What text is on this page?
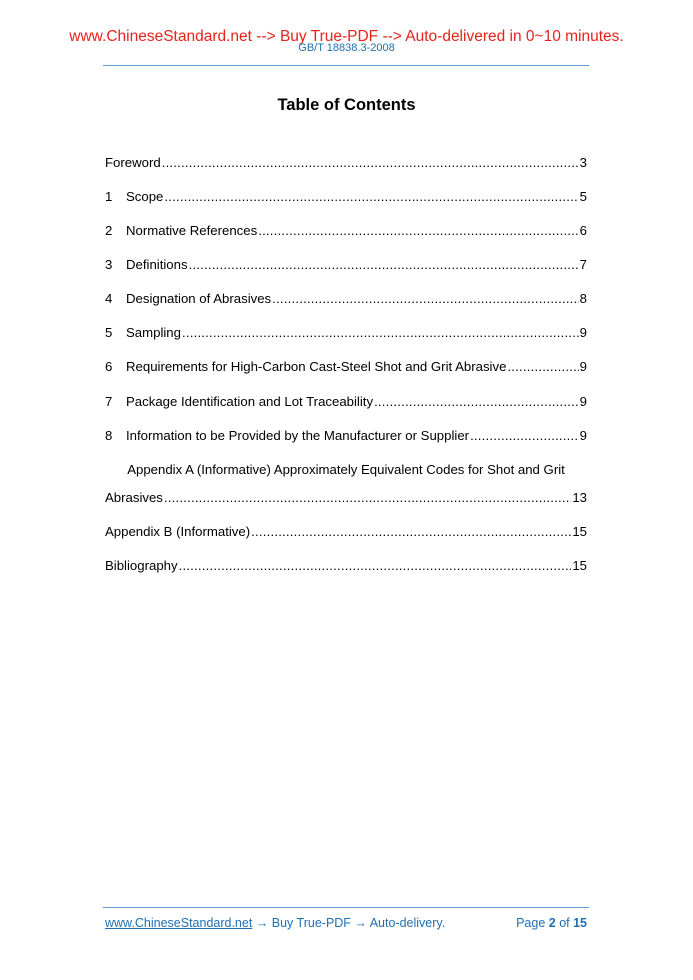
www.ChineseStandard.net --> Buy True-PDF --> Auto-delivered in 0~10 minutes.
GB/T 18838.3-2008
Table of Contents
Foreword .....	3
1	Scope .....	5
2	Normative References .....	6
3	Definitions .....	7
4	Designation of Abrasives .....	8
5	Sampling .....	9
6	Requirements for High-Carbon Cast-Steel Shot and Grit Abrasive .....	9
7	Package Identification and Lot Traceability .....	9
8	Information to be Provided by the Manufacturer or Supplier .....	9
Appendix A (Informative) Approximately Equivalent Codes for Shot and Grit
Abrasives .....	13
Appendix B (Informative) .....	15
Bibliography .....	15
www.ChineseStandard.net → Buy True-PDF → Auto-delivery.	Page 2 of 15
